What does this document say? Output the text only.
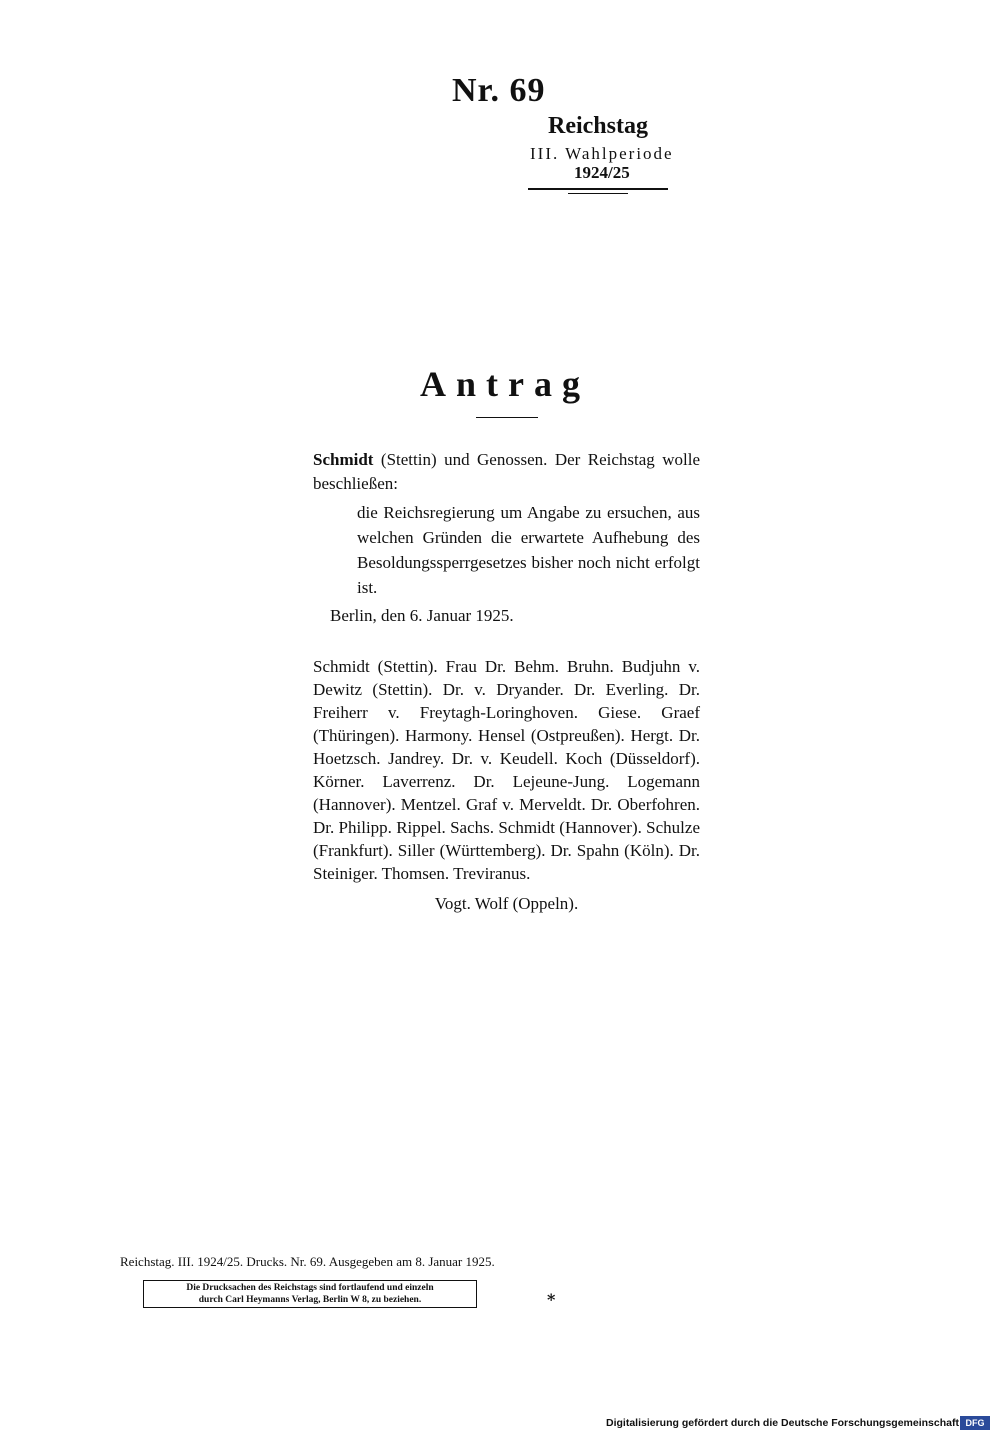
Nr. 69
Reichstag
III. Wahlperiode
1924/25
Antrag
Schmidt (Stettin) und Genossen. Der Reichstag wolle beschließen:
die Reichsregierung um Angabe zu ersuchen, aus welchen Gründen die erwartete Aufhebung des Besoldungssperrgesetzes bisher noch nicht erfolgt ist.
Berlin, den 6. Januar 1925.
Schmidt (Stettin). Frau Dr. Behm. Bruhn. Budjuhn v. Dewitz (Stettin). Dr. v. Dryander. Dr. Everling. Dr. Freiherr v. Freytagh-Loringhoven. Giese. Graef (Thüringen). Harmony. Hensel (Ostpreußen). Hergt. Dr. Hoetzsch. Jandrey. Dr. v. Keudell. Koch (Düsseldorf). Körner. Laverrenz. Dr. Lejeune-Jung. Logemann (Hannover). Mentzel. Graf v. Merveldt. Dr. Oberfohren. Dr. Philipp. Rippel. Sachs. Schmidt (Hannover). Schulze (Frankfurt). Siller (Württemberg). Dr. Spahn (Köln). Dr. Steiniger. Thomsen. Treviranus.
Vogt. Wolf (Oppeln).
Reichstag. III. 1924/25. Drucks. Nr. 69. Ausgegeben am 8. Januar 1925.
Die Drucksachen des Reichstags sind fortlaufend und einzeln
durch Carl Heymanns Verlag, Berlin W 8, zu beziehen.	*
Digitalisierung gefördert durch die Deutsche Forschungsgemeinschaft DFG
